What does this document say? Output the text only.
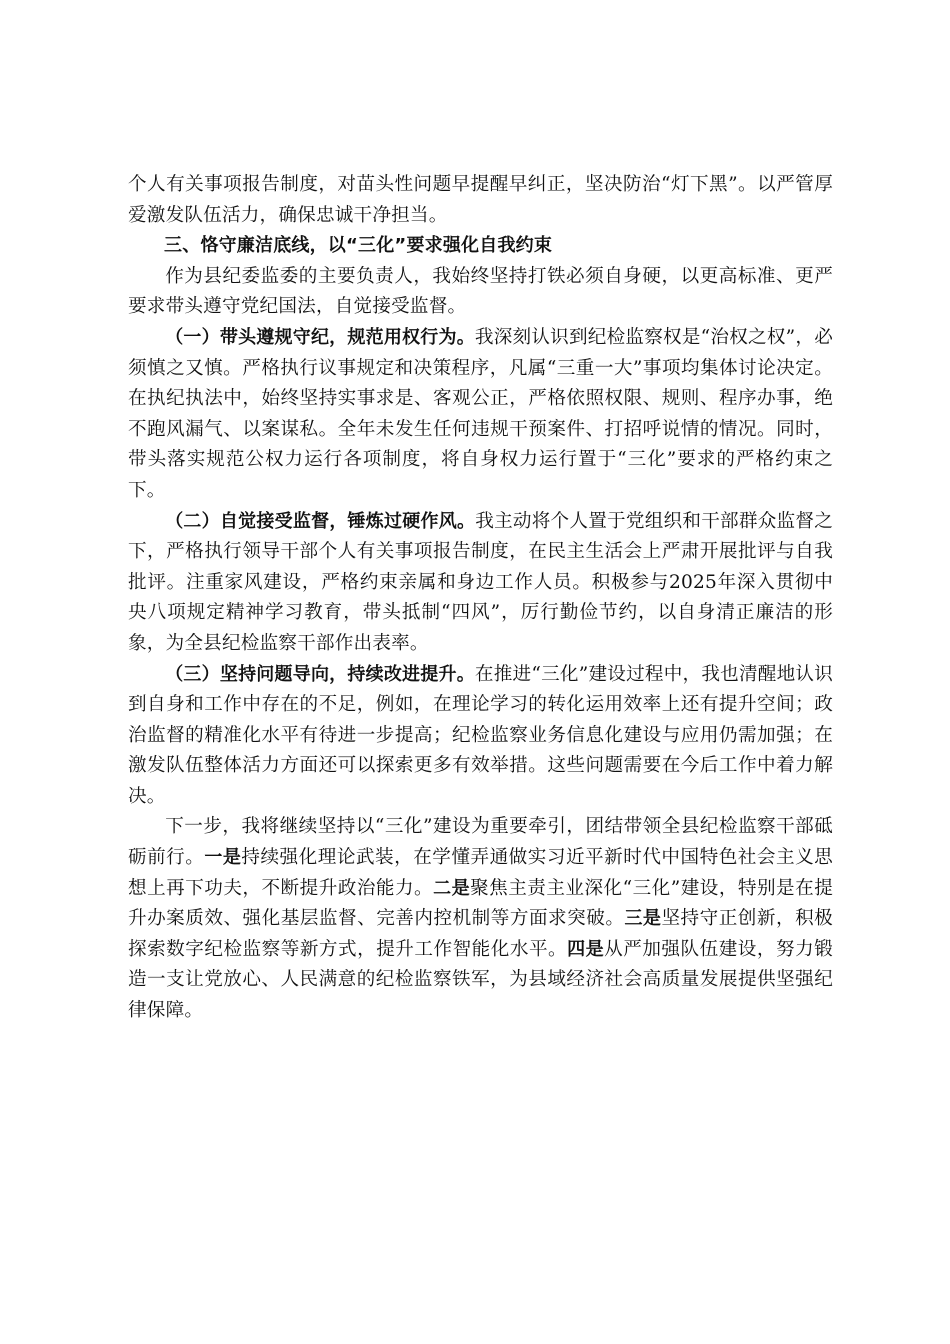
个人有关事项报告制度，对苗头性问题早提醒早纠正，坚决防治“灯下黑”。以严管厚爱激发队伍活力，确保忠诚干净担当。

三、恪守廉洁底线，以“三化”要求强化自我约束

作为县纪委监委的主要负责人，我始终坚持打铁必须自身硬，以更高标准、更严要求带头遵守党纪国法，自觉接受监督。

（一）带头遵规守纪，规范用权行为。我深刻认识到纪检监察权是“治权之权”，必须慎之又慎。严格执行议事规定和决策程序，凡属“三重一大”事项均集体讨论决定。在执纪执法中，始终坚持实事求是、客观公正，严格依照权限、规则、程序办事，绝不跑风漏气、以案谋私。全年未发生任何违规干预案件、打招呼说情的情况。同时，带头落实规范公权力运行各项制度，将自身权力运行置于“三化”要求的严格约束之下。

（二）自觉接受监督，锤炼过硬作风。我主动将个人置于党组织和干部群众监督之下，严格执行领导干部个人有关事项报告制度，在民主生活会上严肃开展批评与自我批评。注重家风建设，严格约束亲属和身边工作人员。积极参与2025年深入贯彻中央八项规定精神学习教育，带头抵制“四风”，厉行勤俭节约，以自身清正廉洁的形象，为全县纪检监察干部作出表率。

（三）坚持问题导向，持续改进提升。在推进“三化”建设过程中，我也清醒地认识到自身和工作中存在的不足，例如，在理论学习的转化运用效率上还有提升空间；政治监督的精准化水平有待进一步提高；纪检监察业务信息化建设与应用仍需加强；在激发队伍整体活力方面还可以探索更多有效举措。这些问题需要在今后工作中着力解决。

下一步，我将继续坚持以“三化”建设为重要牵引，团结带领全县纪检监察干部砥砺前行。一是持续强化理论武装，在学懂弄通做实习近平新时代中国特色社会主义思想上再下功夫，不断提升政治能力。二是聚焦主责主业深化“三化”建设，特别是在提升办案质效、强化基层监督、完善内控机制等方面求突破。三是坚持守正创新，积极探索数字纪检监察等新方式，提升工作智能化水平。四是从严加强队伍建设，努力锻造一支让党放心、人民满意的纪检监察铁军，为县域经济社会高质量发展提供坚强纪律保障。
